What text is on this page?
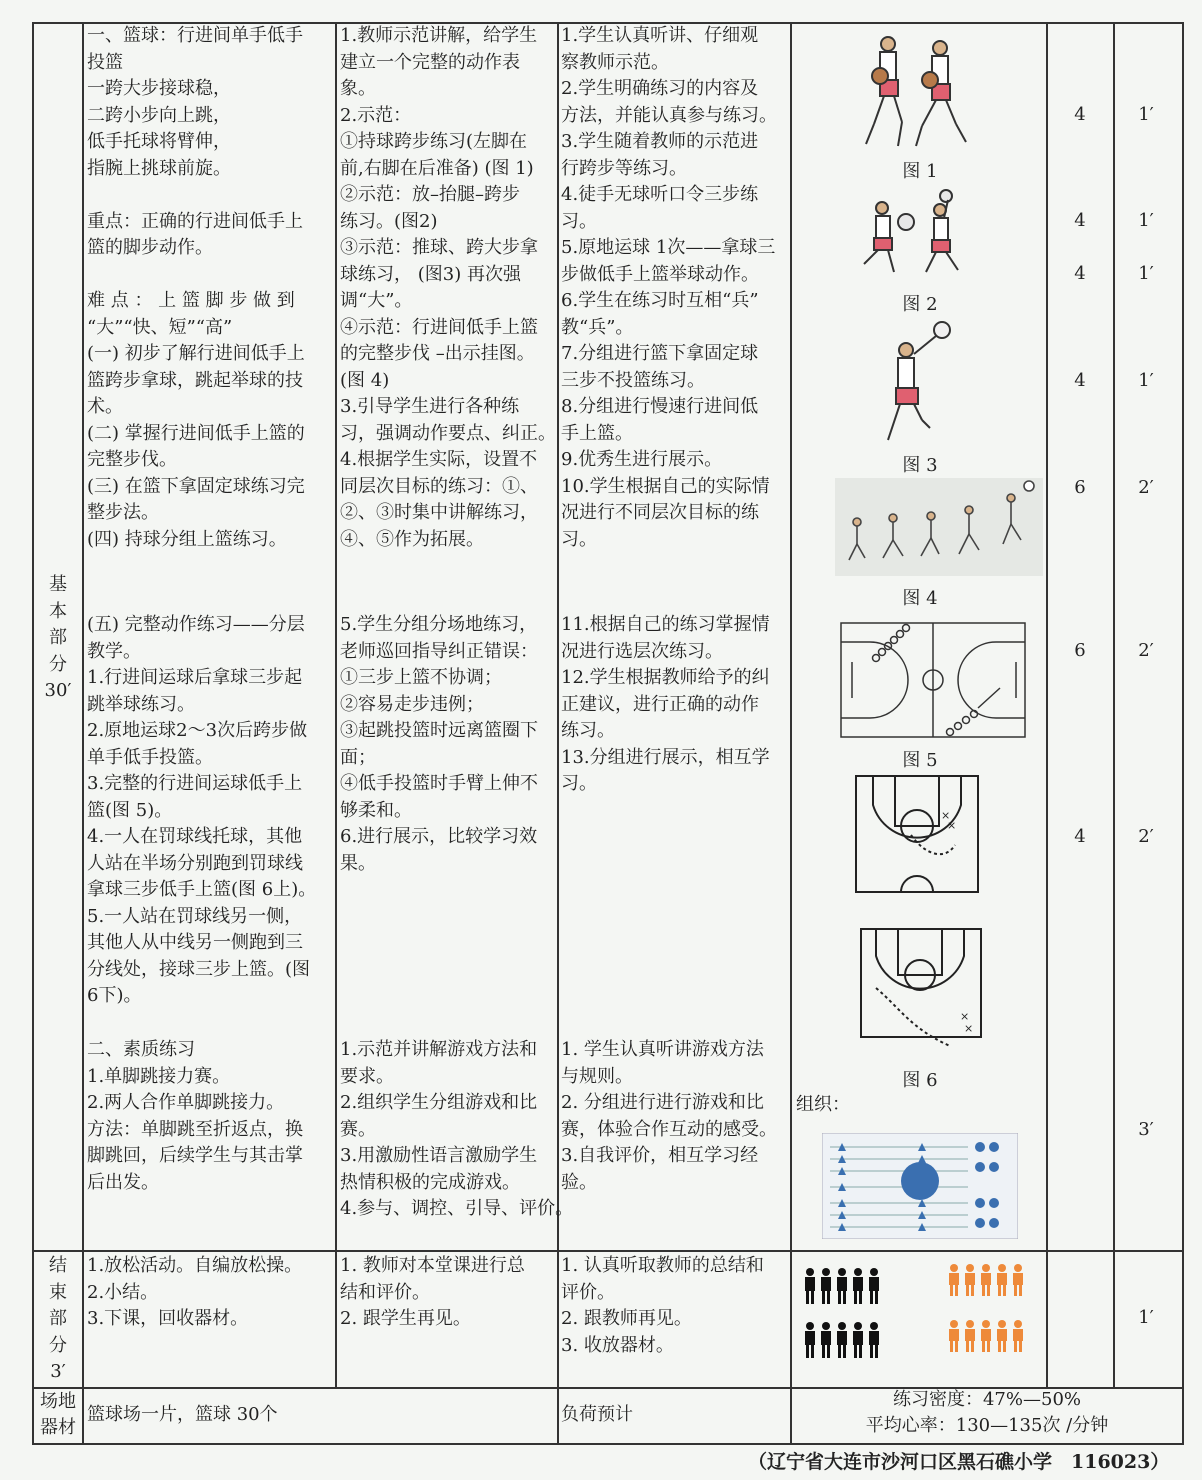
基
本
部
分
30′
一、篮球：行进间单手低手
投篮
一跨大步接球稳，
二跨小步向上跳，
低手托球将臂伸，
指腕上挑球前旋。

重点：正确的行进间低手上
篮的脚步动作。

难 点 ： 上 篮 脚 步 做 到
“大”“快、短”“高”
(一) 初步了解行进间低手上
篮跨步拿球，跳起举球的技
术。
(二) 掌握行进间低手上篮的
完整步伐。
(三) 在篮下拿固定球练习完
整步法。
(四) 持球分组上篮练习。
(五) 完整动作练习——分层
教学。
1.行进间运球后拿球三步起
跳举球练习。
2.原地运球2～3次后跨步做
单手低手投篮。
3.完整的行进间运球低手上
篮(图 5)。
4.一人在罚球线托球，其他
人站在半场分别跑到罚球线
拿球三步低手上篮(图 6上)。
5.一人站在罚球线另一侧，
其他人从中线另一侧跑到三
分线处，接球三步上篮。(图
6下)。
二、素质练习
1.单脚跳接力赛。
2.两人合作单脚跳接力。
方法：单脚跳至折返点，换
脚跳回，后续学生与其击掌
后出发。
1.教师示范讲解，给学生
建立一个完整的动作表
象。
2.示范：
①持球跨步练习(左脚在
前,右脚在后准备) (图 1)
②示范：放–抬腿–跨步
练习。(图2)
③示范：推球、跨大步拿
球练习， (图3) 再次强
调“大”。
④示范：行进间低手上篮
的完整步伐 –出示挂图。
(图 4)
3.引导学生进行各种练
习，强调动作要点、纠正。
4.根据学生实际，设置不
同层次目标的练习：①、
②、③时集中讲解练习，
④、⑤作为拓展。
5.学生分组分场地练习，
老师巡回指导纠正错误：
①三步上篮不协调；
②容易走步违例；
③起跳投篮时远离篮圈下
面；
④低手投篮时手臂上伸不
够柔和。
6.进行展示，比较学习效
果。
1.示范并讲解游戏方法和
要求。
2.组织学生分组游戏和比
赛。
3.用激励性语言激励学生
热情积极的完成游戏。
4.参与、调控、引导、评价。
1.学生认真听讲、仔细观
察教师示范。
2.学生明确练习的内容及
方法，并能认真参与练习。
3.学生随着教师的示范进
行跨步等练习。
4.徒手无球听口令三步练
习。
5.原地运球 1次——拿球三
步做低手上篮举球动作。
6.学生在练习时互相“兵”
教“兵”。
7.分组进行篮下拿固定球
三步不投篮练习。
8.分组进行慢速行进间低
手上篮。
9.优秀生进行展示。
10.学生根据自己的实际情
况进行不同层次目标的练
习。
11.根据自己的练习掌握情
况进行选层次练习。
12.学生根据教师给予的纠
正建议，进行正确的动作
练习。
13.分组进行展示，相互学
习。
1. 学生认真听讲游戏方法
与规则。
2. 分组进行进行游戏和比
赛，体验合作互动的感受。
3.自我评价，相互学习经
验。
图 1
图 2
图 3
图 4
图 5
×
×
×
×
图 6
组织：
4
4
4
4
6
6
4
1′
1′
1′
1′
2′
2′
2′
3′
结
束
部
分
3′
1.放松活动。自编放松操。
2.小结。
3.下课，回收器材。
1. 教师对本堂课进行总
结和评价。
2. 跟学生再见。
1. 认真听取教师的总结和
评价。
2. 跟教师再见。
3. 收放器材。
1′
场地
器材
篮球场一片，篮球 30个	负荷预计
练习密度：47%—50%
平均心率：130—135次 /分钟
（辽宁省大连市沙河口区黑石礁小学　116023）
